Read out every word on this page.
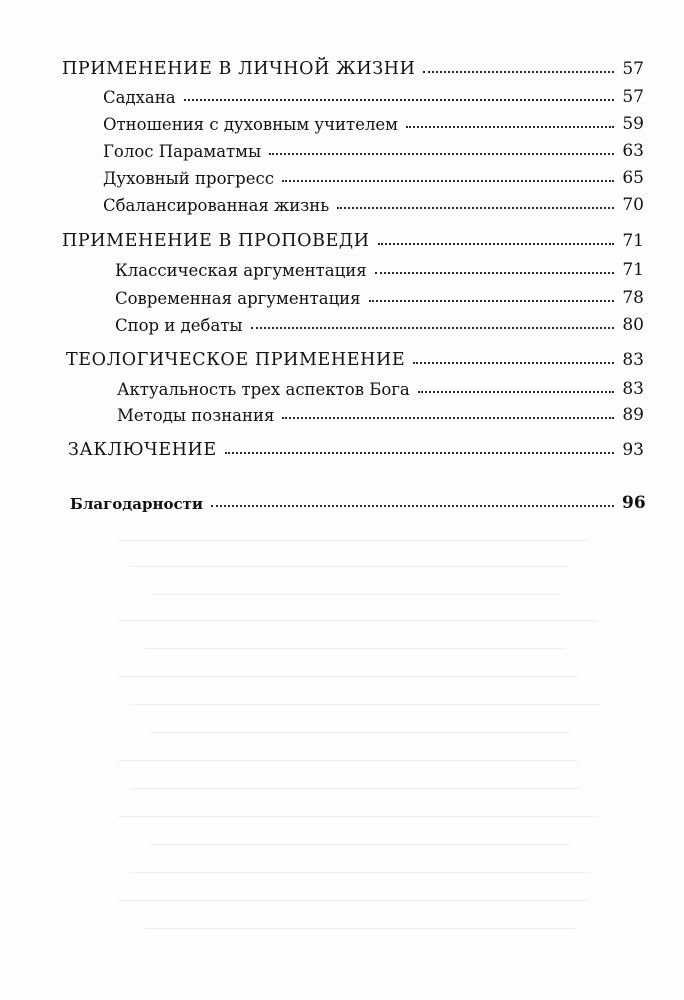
ПРИМЕНЕНИЕ В ЛИЧНОЙ ЖИЗНИ	57
Садхана	57
Отношения с духовным учителем	59
Голос Параматмы	63
Духовный прогресс	65
Сбалансированная жизнь	70
ПРИМЕНЕНИЕ В ПРОПОВЕДИ	71
Классическая аргументация	71
Современная аргументация	78
Спор и дебаты	80
ТЕОЛОГИЧЕСКОЕ ПРИМЕНЕНИЕ	83
Актуальность трех аспектов Бога	83
Методы познания	89
ЗАКЛЮЧЕНИЕ	93
Благодарности	96
